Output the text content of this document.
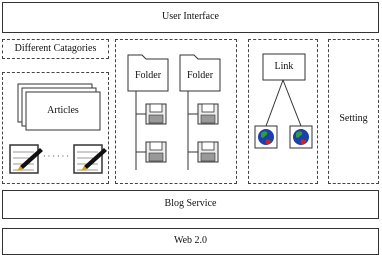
User Interface
Blog Service
Web 2.0
Different Catagories
Setting
Articles
· · · · · ·
Folder	Folder
Link
